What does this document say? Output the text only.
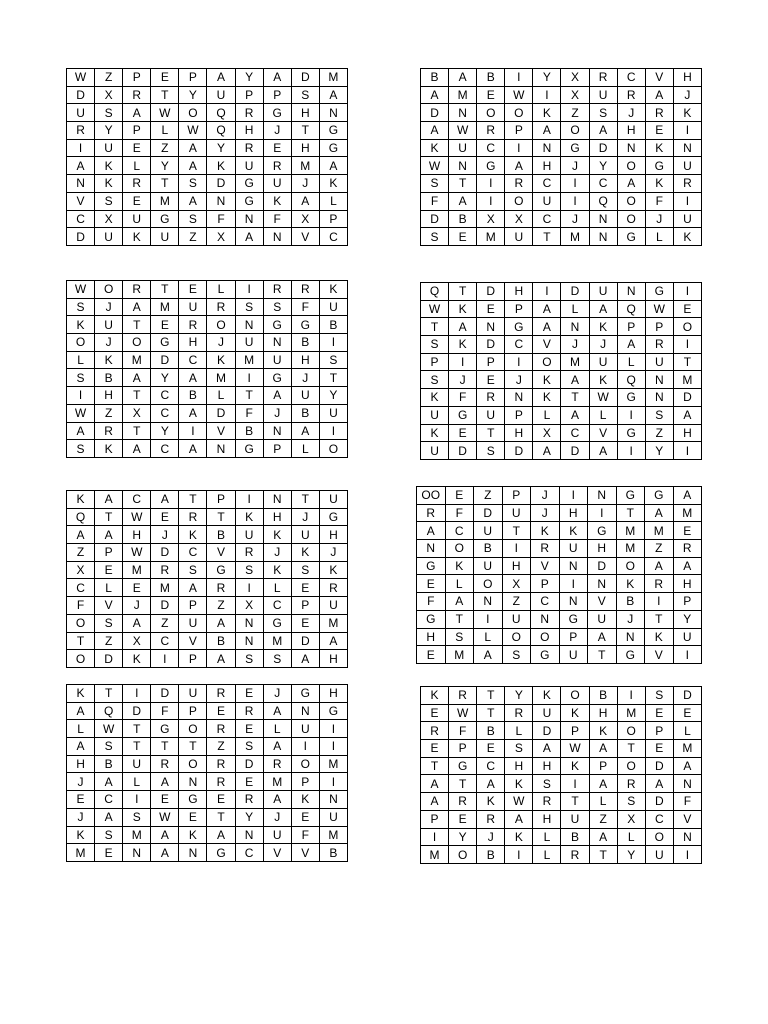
W	Z	P	E	P	A	Y	A	D	M
D	X	R	T	Y	U	P	P	S	A
U	S	A	W	O	Q	R	G	H	N
R	Y	P	L	W	Q	H	J	T	G
I	U	E	Z	A	Y	R	E	H	G
A	K	L	Y	A	K	U	R	M	A
N	K	R	T	S	D	G	U	J	K
V	S	E	M	A	N	G	K	A	L
C	X	U	G	S	F	N	F	X	P
D	U	K	U	Z	X	A	N	V	C
B	A	B	I	Y	X	R	C	V	H
A	M	E	W	I	X	U	R	A	J
D	N	O	O	K	Z	S	J	R	K
A	W	R	P	A	O	A	H	E	I
K	U	C	I	N	G	D	N	K	N
W	N	G	A	H	J	Y	O	G	U
S	T	I	R	C	I	C	A	K	R
F	A	I	O	U	I	Q	O	F	I
D	B	X	X	C	J	N	O	J	U
S	E	M	U	T	M	N	G	L	K
W	O	R	T	E	L	I	R	R	K
S	J	A	M	U	R	S	S	F	U
K	U	T	E	R	O	N	G	G	B
O	J	O	G	H	J	U	N	B	I
L	K	M	D	C	K	M	U	H	S
S	B	A	Y	A	M	I	G	J	T
I	H	T	C	B	L	T	A	U	Y
W	Z	X	C	A	D	F	J	B	U
A	R	T	Y	I	V	B	N	A	I
S	K	A	C	A	N	G	P	L	O
Q	T	D	H	I	D	U	N	G	I
W	K	E	P	A	L	A	Q	W	E
T	A	N	G	A	N	K	P	P	O
S	K	D	C	V	J	J	A	R	I
P	I	P	I	O	M	U	L	U	T
S	J	E	J	K	A	K	Q	N	M
K	F	R	N	K	T	W	G	N	D
U	G	U	P	L	A	L	I	S	A
K	E	T	H	X	C	V	G	Z	H
U	D	S	D	A	D	A	I	Y	I
K	A	C	A	T	P	I	N	T	U
Q	T	W	E	R	T	K	H	J	G
A	A	H	J	K	B	U	K	U	H
Z	P	W	D	C	V	R	J	K	J
X	E	M	R	S	G	S	K	S	K
C	L	E	M	A	R	I	L	E	R
F	V	J	D	P	Z	X	C	P	U
O	S	A	Z	U	A	N	G	E	M
T	Z	X	C	V	B	N	M	D	A
O	D	K	I	P	A	S	S	A	H
OO	E	Z	P	J	I	N	G	G	A
R	F	D	U	J	H	I	T	A	M
A	C	U	T	K	K	G	M	M	E
N	O	B	I	R	U	H	M	Z	R
G	K	U	H	V	N	D	O	A	A
E	L	O	X	P	I	N	K	R	H
F	A	N	Z	C	N	V	B	I	P
G	T	I	U	N	G	U	J	T	Y
H	S	L	O	O	P	A	N	K	U
E	M	A	S	G	U	T	G	V	I
K	T	I	D	U	R	E	J	G	H
A	Q	D	F	P	E	R	A	N	G
L	W	T	G	O	R	E	L	U	I
A	S	T	T	T	Z	S	A	I	I
H	B	U	R	O	R	D	R	O	M
J	A	L	A	N	R	E	M	P	I
E	C	I	E	G	E	R	A	K	N
J	A	S	W	E	T	Y	J	E	U
K	S	M	A	K	A	N	U	F	M
M	E	N	A	N	G	C	V	V	B
K	R	T	Y	K	O	B	I	S	D
E	W	T	R	U	K	H	M	E	E
R	F	B	L	D	P	K	O	P	L
E	P	E	S	A	W	A	T	E	M
T	G	C	H	H	K	P	O	D	A
A	T	A	K	S	I	A	R	A	N
A	R	K	W	R	T	L	S	D	F
P	E	R	A	H	U	Z	X	C	V
I	Y	J	K	L	B	A	L	O	N
M	O	B	I	L	R	T	Y	U	I
